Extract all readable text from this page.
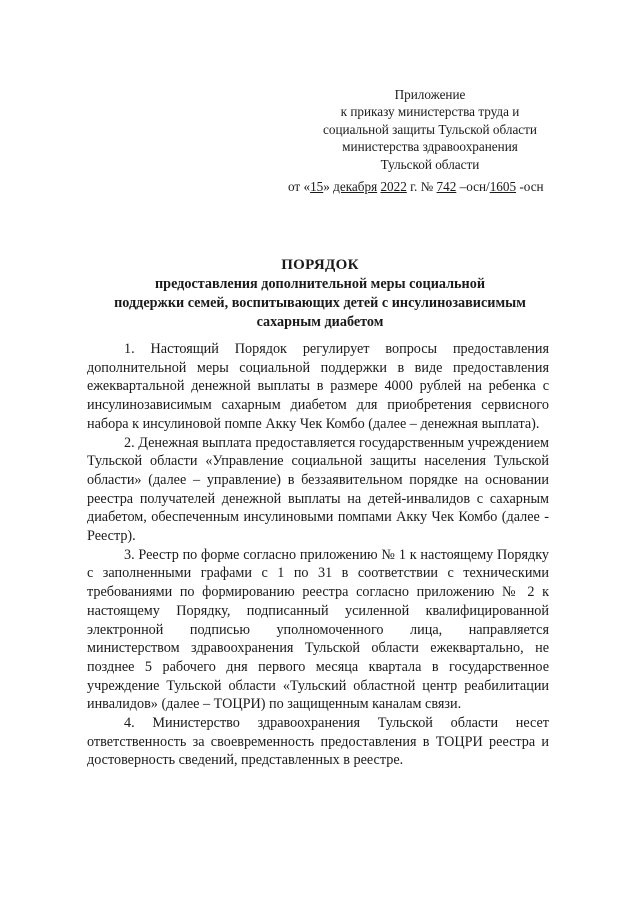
Приложение
к приказу министерства труда и
социальной защиты Тульской области
министерства здравоохранения
Тульской области
от «15» декабря 2022 г. № 742 –осн/1605 -осн
ПОРЯДОК
предоставления дополнительной меры социальной
поддержки семей, воспитывающих детей с инсулинозависимым
сахарным диабетом

1. Настоящий Порядок регулирует вопросы предоставления дополнительной меры социальной поддержки в виде предоставления ежеквартальной денежной выплаты в размере 4000 рублей на ребенка с инсулинозависимым сахарным диабетом для приобретения сервисного набора к инсулиновой помпе Акку Чек Комбо (далее – денежная выплата).

2. Денежная выплата предоставляется государственным учреждением Тульской области «Управление социальной защиты населения Тульской области» (далее – управление) в беззаявительном порядке на основании реестра получателей денежной выплаты на детей-инвалидов с сахарным диабетом, обеспеченным инсулиновыми помпами Акку Чек Комбо (далее - Реестр).

3. Реестр по форме согласно приложению № 1 к настоящему Порядку с заполненными графами с 1 по 31 в соответствии с техническими требованиями по формированию реестра согласно приложению № 2 к настоящему Порядку, подписанный усиленной квалифицированной электронной подписью уполномоченного лица, направляется министерством здравоохранения Тульской области ежеквартально, не позднее 5 рабочего дня первого месяца квартала в государственное учреждение Тульской области «Тульский областной центр реабилитации инвалидов» (далее – ТОЦРИ) по защищенным каналам связи.

4. Министерство здравоохранения Тульской области несет ответственность за своевременность предоставления в ТОЦРИ реестра и достоверность сведений, представленных в реестре.
